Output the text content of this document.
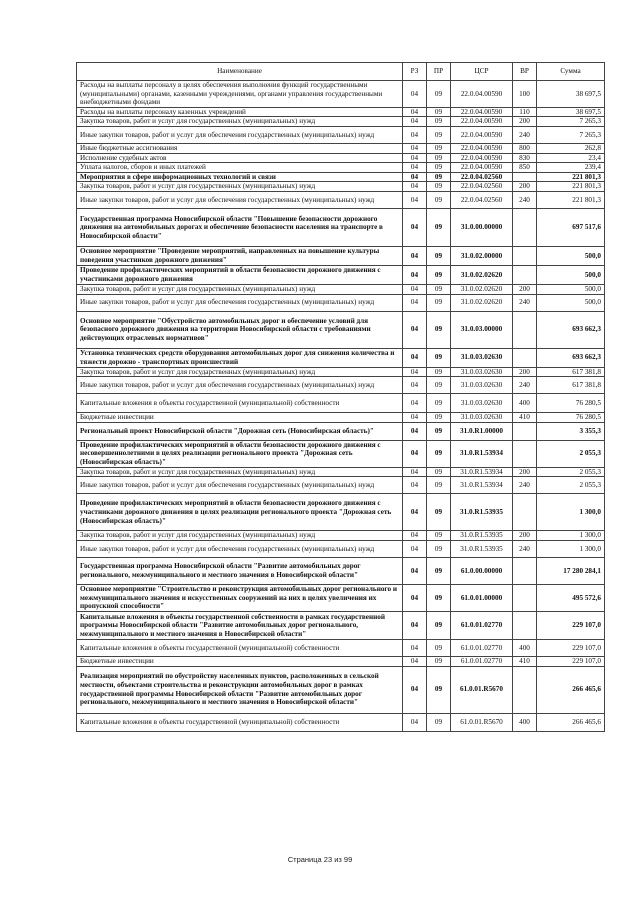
Наименование	РЗ	ПР	ЦСР	ВР	Сумма
Расходы на выплаты персоналу в целях обеспечения выполнения функций государственными (муниципальными) органами, казенными учреждениями, органами управления государственными внебюджетными фондами	04	09	22.0.04.00590	100	38 697,5
Расходы на выплаты персоналу казенных учреждений	04	09	22.0.04.00590	110	38 697,5
Закупка товаров, работ и услуг для государственных (муниципальных) нужд	04	09	22.0.04.00590	200	7 265,3
Иные закупки товаров, работ и услуг для обеспечения государственных (муниципальных) нужд	04	09	22.0.04.00590	240	7 265,3
Иные бюджетные ассигнования	04	09	22.0.04.00590	800	262,8
Исполнение судебных актов	04	09	22.0.04.00590	830	23,4
Уплата налогов, сборов и иных платежей	04	09	22.0.04.00590	850	239,4
Мероприятия в сфере информационных технологий и связи	04	09	22.0.04.02560		221 801,3
Закупка товаров, работ и услуг для государственных (муниципальных) нужд	04	09	22.0.04.02560	200	221 801,3
Иные закупки товаров, работ и услуг для обеспечения государственных (муниципальных) нужд	04	09	22.0.04.02560	240	221 801,3
Государственная программа Новосибирской области "Повышение безопасности дорожного движения на автомобильных дорогах и обеспечение безопасности населения на транспорте в Новосибирской области"	04	09	31.0.00.00000		697 517,6
Основное мероприятие "Проведение мероприятий, направленных на повышение культуры поведения участников дорожного движения"	04	09	31.0.02.00000		500,0
Проведение профилактических мероприятий в области безопасности дорожного движения с участниками дорожного движения	04	09	31.0.02.02620		500,0
Закупка товаров, работ и услуг для государственных (муниципальных) нужд	04	09	31.0.02.02620	200	500,0
Иные закупки товаров, работ и услуг для обеспечения государственных (муниципальных) нужд	04	09	31.0.02.02620	240	500,0
Основное мероприятие "Обустройство автомобильных дорог и обеспечение условий для безопасного дорожного движения на территории Новосибирской области с требованиями действующих отраслевых нормативов"	04	09	31.0.03.00000		693 662,3
Установка технических средств оборудования автомобильных дорог для снижения количества и тяжести дорожно - транспортных происшествий	04	09	31.0.03.02630		693 662,3
Закупка товаров, работ и услуг для государственных (муниципальных) нужд	04	09	31.0.03.02630	200	617 381,8
Иные закупки товаров, работ и услуг для обеспечения государственных (муниципальных) нужд	04	09	31.0.03.02630	240	617 381,8
Капитальные вложения в объекты государственной (муниципальной) собственности	04	09	31.0.03.02630	400	76 280,5
Бюджетные инвестиции	04	09	31.0.03.02630	410	76 280,5
Региональный проект Новосибирской области "Дорожная сеть (Новосибирская область)"	04	09	31.0.R1.00000		3 355,3
Проведение профилактических мероприятий в области безопасности дорожного движения с несовершеннолетними в целях реализации регионального проекта "Дорожная сеть (Новосибирская область)"	04	09	31.0.R1.53934		2 055,3
Закупка товаров, работ и услуг для государственных (муниципальных) нужд	04	09	31.0.R1.53934	200	2 055,3
Иные закупки товаров, работ и услуг для обеспечения государственных (муниципальных) нужд	04	09	31.0.R1.53934	240	2 055,3
Проведение профилактических мероприятий в области безопасности дорожного движения с участниками дорожного движения в целях реализации регионального проекта "Дорожная сеть (Новосибирская область)"	04	09	31.0.R1.53935		1 300,0
Закупка товаров, работ и услуг для государственных (муниципальных) нужд	04	09	31.0.R1.53935	200	1 300,0
Иные закупки товаров, работ и услуг для обеспечения государственных (муниципальных) нужд	04	09	31.0.R1.53935	240	1 300,0
Государственная программа Новосибирской области "Развитие автомобильных дорог регионального, межмуниципального и местного значения в Новосибирской области"	04	09	61.0.00.00000		17 280 284,1
Основное мероприятие "Строительство и реконструкция автомобильных дорог регионального и межмуниципального значения и искусственных сооружений на них в целях увеличения их пропускной способности"	04	09	61.0.01.00000		495 572,6
Капитальные вложения в объекты государственной собственности в рамках государственной программы Новосибирской области "Развитие автомобильных дорог регионального, межмуниципального и местного значения в Новосибирской области"	04	09	61.0.01.02770		229 107,0
Капитальные вложения в объекты государственной (муниципальной) собственности	04	09	61.0.01.02770	400	229 107,0
Бюджетные инвестиции	04	09	61.0.01.02770	410	229 107,0
Реализация мероприятий по обустройству населенных пунктов, расположенных в сельской местности, объектами строительства и реконструкции автомобильных дорог в рамках государственной программы Новосибирской области "Развитие автомобильных дорог регионального, межмуниципального и местного значения в Новосибирской области"	04	09	61.0.01.R5670		266 465,6
Капитальные вложения в объекты государственной (муниципальной) собственности	04	09	61.0.01.R5670	400	266 465,6
Страница 23 из 99
